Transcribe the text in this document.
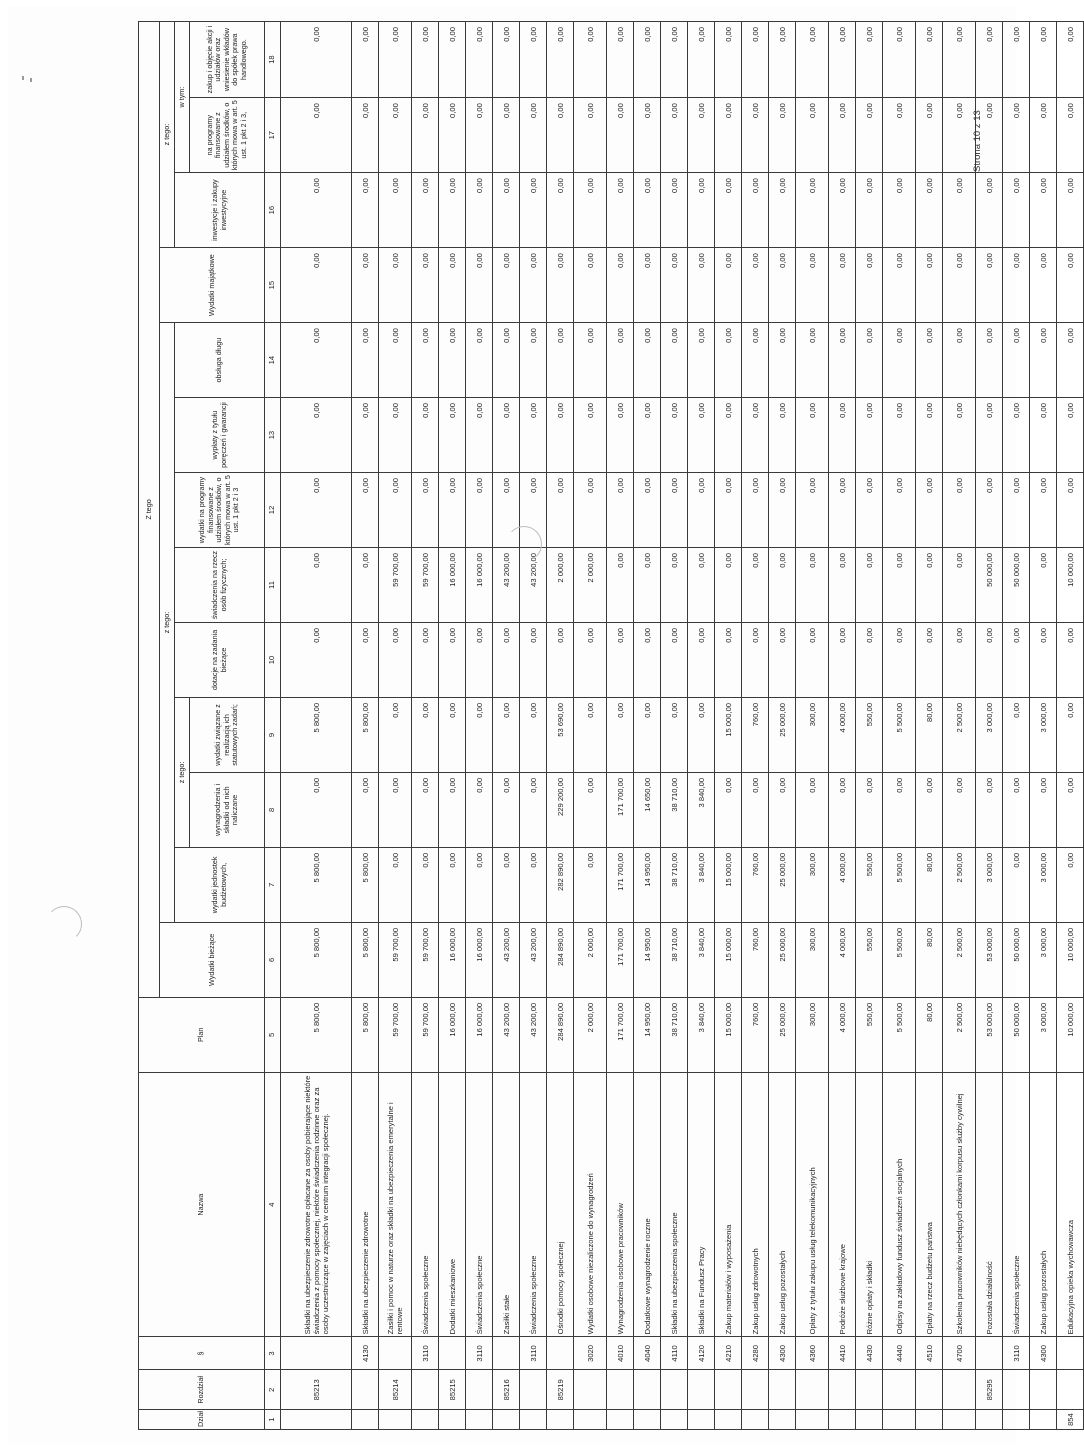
Dział	Rozdział	§	Nazwa	Plan	Z tego												
					Wydatki bieżące	z tego:								Wydatki majątkowe	z tego:		
						wydatki jednostek budżetowych,	z tego:		dotacje na zadania bieżące	świadczenia na rzecz osób fizycznych;	wydatki na programy finansowane z udziałem środków, o których mowa w art. 5 ust. 1 pkt 2 i 3	wypłaty z tytułu poręczeń i gwarancji	obsługa długu		inwestycje i zakupy inwestycyjne	w tym:	
							wynagrodzenia i składki od nich naliczane	wydatki związane z realizacją ich statutowych zadań;								na programy finansowane z udziałem środków, o których mowa w art. 5 ust. 1 pkt 2 i 3,	zakup i objęcie akcji i udziałów oraz wniesienie wkładów do spółek prawa handlowego.
1	2	3	4	5	6	7	8	9	10	11	12	13	14	15	16	17	18
	85213		Składki na ubezpieczenie zdrowotne opłacane za osoby pobierające niektóre świadczenia z pomocy społecznej, niektóre świadczenia rodzinne oraz za osoby uczestniczące w zajęciach w centrum integracji społecznej.	5 800,00	5 800,00	5 800,00	0,00	5 800,00	0,00	0,00	0,00	0,00	0,00	0,00	0,00	0,00	0,00
		4130	Składki na ubezpieczenie zdrowotne	5 800,00	5 800,00	5 800,00	0,00	5 800,00	0,00	0,00	0,00	0,00	0,00	0,00	0,00	0,00	0,00
	85214		Zasiłki i pomoc w naturze oraz składki na ubezpieczenia emerytalne i rentowe	59 700,00	59 700,00	0,00	0,00	0,00	0,00	59 700,00	0,00	0,00	0,00	0,00	0,00	0,00	0,00
		3110	Świadczenia społeczne	59 700,00	59 700,00	0,00	0,00	0,00	0,00	59 700,00	0,00	0,00	0,00	0,00	0,00	0,00	0,00
	85215		Dodatki mieszkaniowe	16 000,00	16 000,00	0,00	0,00	0,00	0,00	16 000,00	0,00	0,00	0,00	0,00	0,00	0,00	0,00
		3110	Świadczenia społeczne	16 000,00	16 000,00	0,00	0,00	0,00	0,00	16 000,00	0,00	0,00	0,00	0,00	0,00	0,00	0,00
	85216		Zasiłki stałe	43 200,00	43 200,00	0,00	0,00	0,00	0,00	43 200,00	0,00	0,00	0,00	0,00	0,00	0,00	0,00
		3110	Świadczenia społeczne	43 200,00	43 200,00	0,00	0,00	0,00	0,00	43 200,00	0,00	0,00	0,00	0,00	0,00	0,00	0,00
	85219		Ośrodki pomocy społecznej	284 890,00	284 890,00	282 890,00	229 200,00	53 690,00	0,00	2 000,00	0,00	0,00	0,00	0,00	0,00	0,00	0,00
		3020	Wydatki osobowe niezaliczone do wynagrodzeń	2 000,00	2 000,00	0,00	0,00	0,00	0,00	2 000,00	0,00	0,00	0,00	0,00	0,00	0,00	0,00
		4010	Wynagrodzenia osobowe pracowników	171 700,00	171 700,00	171 700,00	171 700,00	0,00	0,00	0,00	0,00	0,00	0,00	0,00	0,00	0,00	0,00
		4040	Dodatkowe wynagrodzenie roczne	14 950,00	14 950,00	14 950,00	14 650,00	0,00	0,00	0,00	0,00	0,00	0,00	0,00	0,00	0,00	0,00
		4110	Składki na ubezpieczenia społeczne	38 710,00	38 710,00	38 710,00	38 710,00	0,00	0,00	0,00	0,00	0,00	0,00	0,00	0,00	0,00	0,00
		4120	Składki na Fundusz Pracy	3 840,00	3 840,00	3 840,00	3 840,00	0,00	0,00	0,00	0,00	0,00	0,00	0,00	0,00	0,00	0,00
		4210	Zakup materiałów i wyposażenia	15 000,00	15 000,00	15 000,00	0,00	15 000,00	0,00	0,00	0,00	0,00	0,00	0,00	0,00	0,00	0,00
		4280	Zakup usług zdrowotnych	760,00	760,00	760,00	0,00	760,00	0,00	0,00	0,00	0,00	0,00	0,00	0,00	0,00	0,00
		4300	Zakup usług pozostałych	25 000,00	25 000,00	25 000,00	0,00	25 000,00	0,00	0,00	0,00	0,00	0,00	0,00	0,00	0,00	0,00
		4360	Opłaty z tytułu zakupu usług telekomunikacyjnych	300,00	300,00	300,00	0,00	300,00	0,00	0,00	0,00	0,00	0,00	0,00	0,00	0,00	0,00
		4410	Podróże służbowe krajowe	4 000,00	4 000,00	4 000,00	0,00	4 000,00	0,00	0,00	0,00	0,00	0,00	0,00	0,00	0,00	0,00
		4430	Różne opłaty i składki	550,00	550,00	550,00	0,00	550,00	0,00	0,00	0,00	0,00	0,00	0,00	0,00	0,00	0,00
		4440	Odpisy na zakładowy fundusz świadczeń socjalnych	5 500,00	5 500,00	5 500,00	0,00	5 500,00	0,00	0,00	0,00	0,00	0,00	0,00	0,00	0,00	0,00
		4510	Opłaty na rzecz budżetu państwa	80,00	80,00	80,00	0,00	80,00	0,00	0,00	0,00	0,00	0,00	0,00	0,00	0,00	0,00
		4700	Szkolenia pracowników niebędących członkami korpusu służby cywilnej	2 500,00	2 500,00	2 500,00	0,00	2 500,00	0,00	0,00	0,00	0,00	0,00	0,00	0,00	0,00	0,00
	85295		Pozostała działalność	53 000,00	53 000,00	3 000,00	0,00	3 000,00	0,00	50 000,00	0,00	0,00	0,00	0,00	0,00	0,00	0,00
		3110	Świadczenia społeczne	50 000,00	50 000,00	0,00	0,00	0,00	0,00	50 000,00	0,00	0,00	0,00	0,00	0,00	0,00	0,00
		4300	Zakup usług pozostałych	3 000,00	3 000,00	3 000,00	0,00	3 000,00	0,00	0,00	0,00	0,00	0,00	0,00	0,00	0,00	0,00
854			Edukacyjna opieka wychowawcza	10 000,00	10 000,00	0,00	0,00	0,00	0,00	10 000,00	0,00	0,00	0,00	0,00	0,00	0,00	0,00
Strona 10 z 13
